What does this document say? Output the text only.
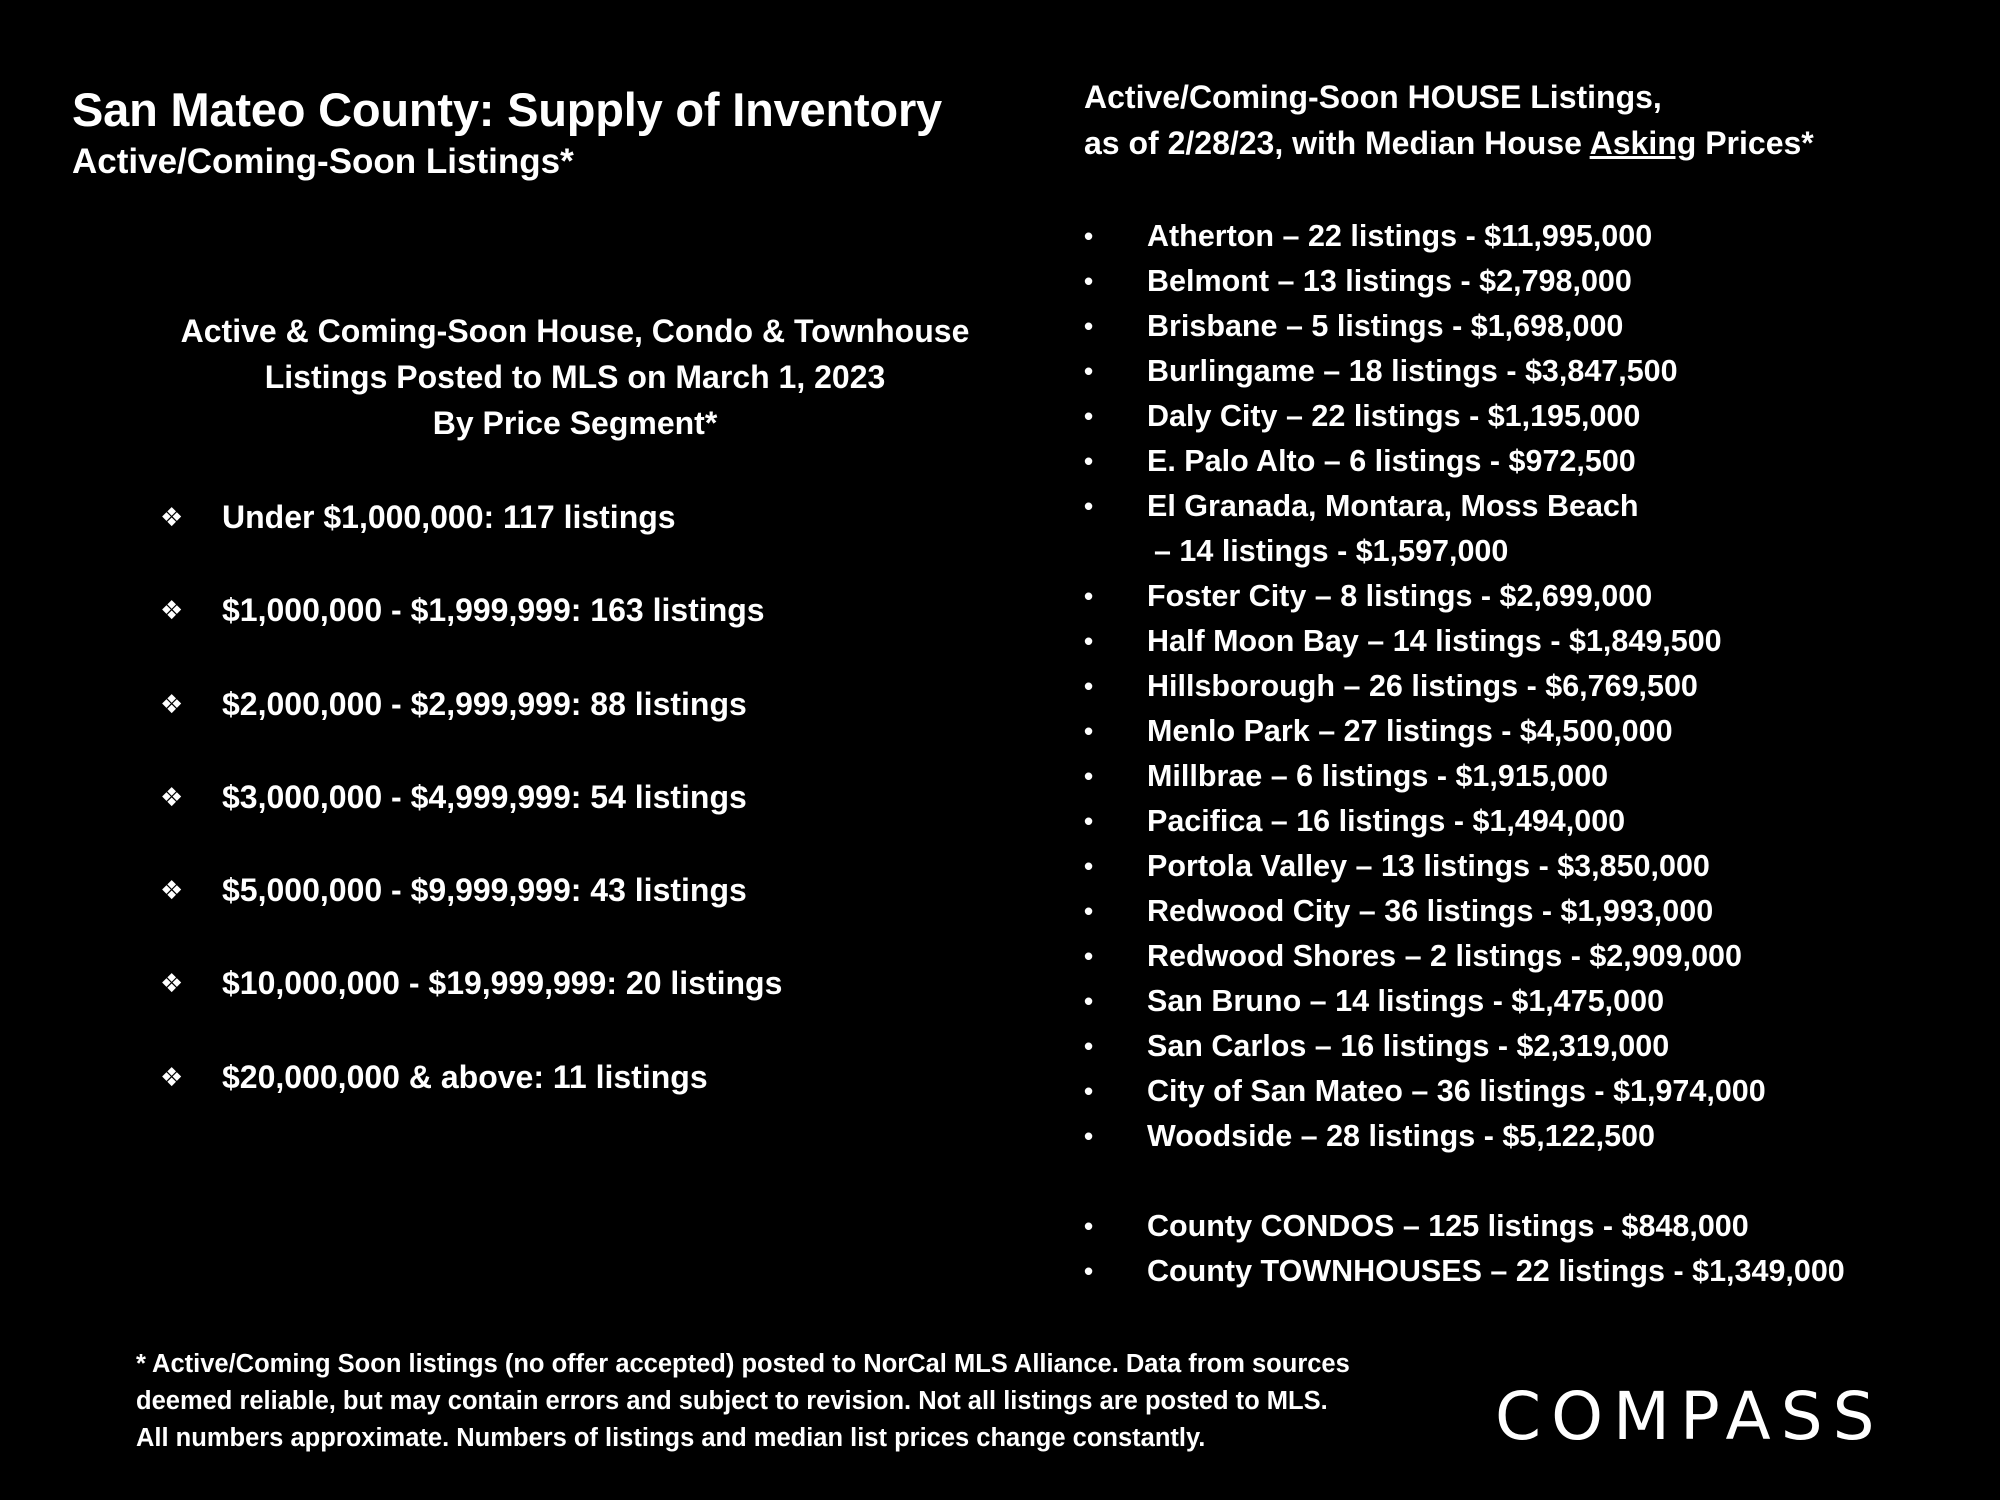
San Mateo County: Supply of Inventory
Active/Coming-Soon Listings*
Active & Coming-Soon House, Condo & Townhouse
Listings Posted to MLS on March 1, 2023
By Price Segment*
❖	Under $1,000,000: 117 listings
❖	$1,000,000 - $1,999,999: 163 listings
❖	$2,000,000 - $2,999,999: 88 listings
❖	$3,000,000 - $4,999,999: 54 listings
❖	$5,000,000 - $9,999,999: 43 listings
❖	$10,000,000 - $19,999,999: 20 listings
❖	$20,000,000 & above: 11 listings
Active/Coming-Soon HOUSE Listings,
as of 2/28/23, with Median House Asking Prices*
•	Atherton – 22 listings - $11,995,000
•	Belmont – 13 listings - $2,798,000
•	Brisbane – 5 listings - $1,698,000
•	Burlingame – 18 listings - $3,847,500
•	Daly City – 22 listings - $1,195,000
•	E. Palo Alto – 6 listings - $972,500
•	El Granada, Montara, Moss Beach
– 14 listings - $1,597,000
•	Foster City – 8 listings - $2,699,000
•	Half Moon Bay – 14 listings - $1,849,500
•	Hillsborough – 26 listings - $6,769,500
•	Menlo Park – 27 listings - $4,500,000
•	Millbrae – 6 listings - $1,915,000
•	Pacifica – 16 listings - $1,494,000
•	Portola Valley – 13 listings - $3,850,000
•	Redwood City – 36 listings - $1,993,000
•	Redwood Shores – 2 listings - $2,909,000
•	San Bruno – 14 listings - $1,475,000
•	San Carlos – 16 listings - $2,319,000
•	City of San Mateo – 36 listings - $1,974,000
•	Woodside – 28 listings - $5,122,500
•	County CONDOS – 125 listings - $848,000
•	County TOWNHOUSES – 22 listings - $1,349,000
* Active/Coming Soon listings (no offer accepted) posted to NorCal MLS Alliance. Data from sources
deemed reliable, but may contain errors and subject to revision. Not all listings are posted to MLS.
All numbers approximate. Numbers of listings and median list prices change constantly.	COMPASS
